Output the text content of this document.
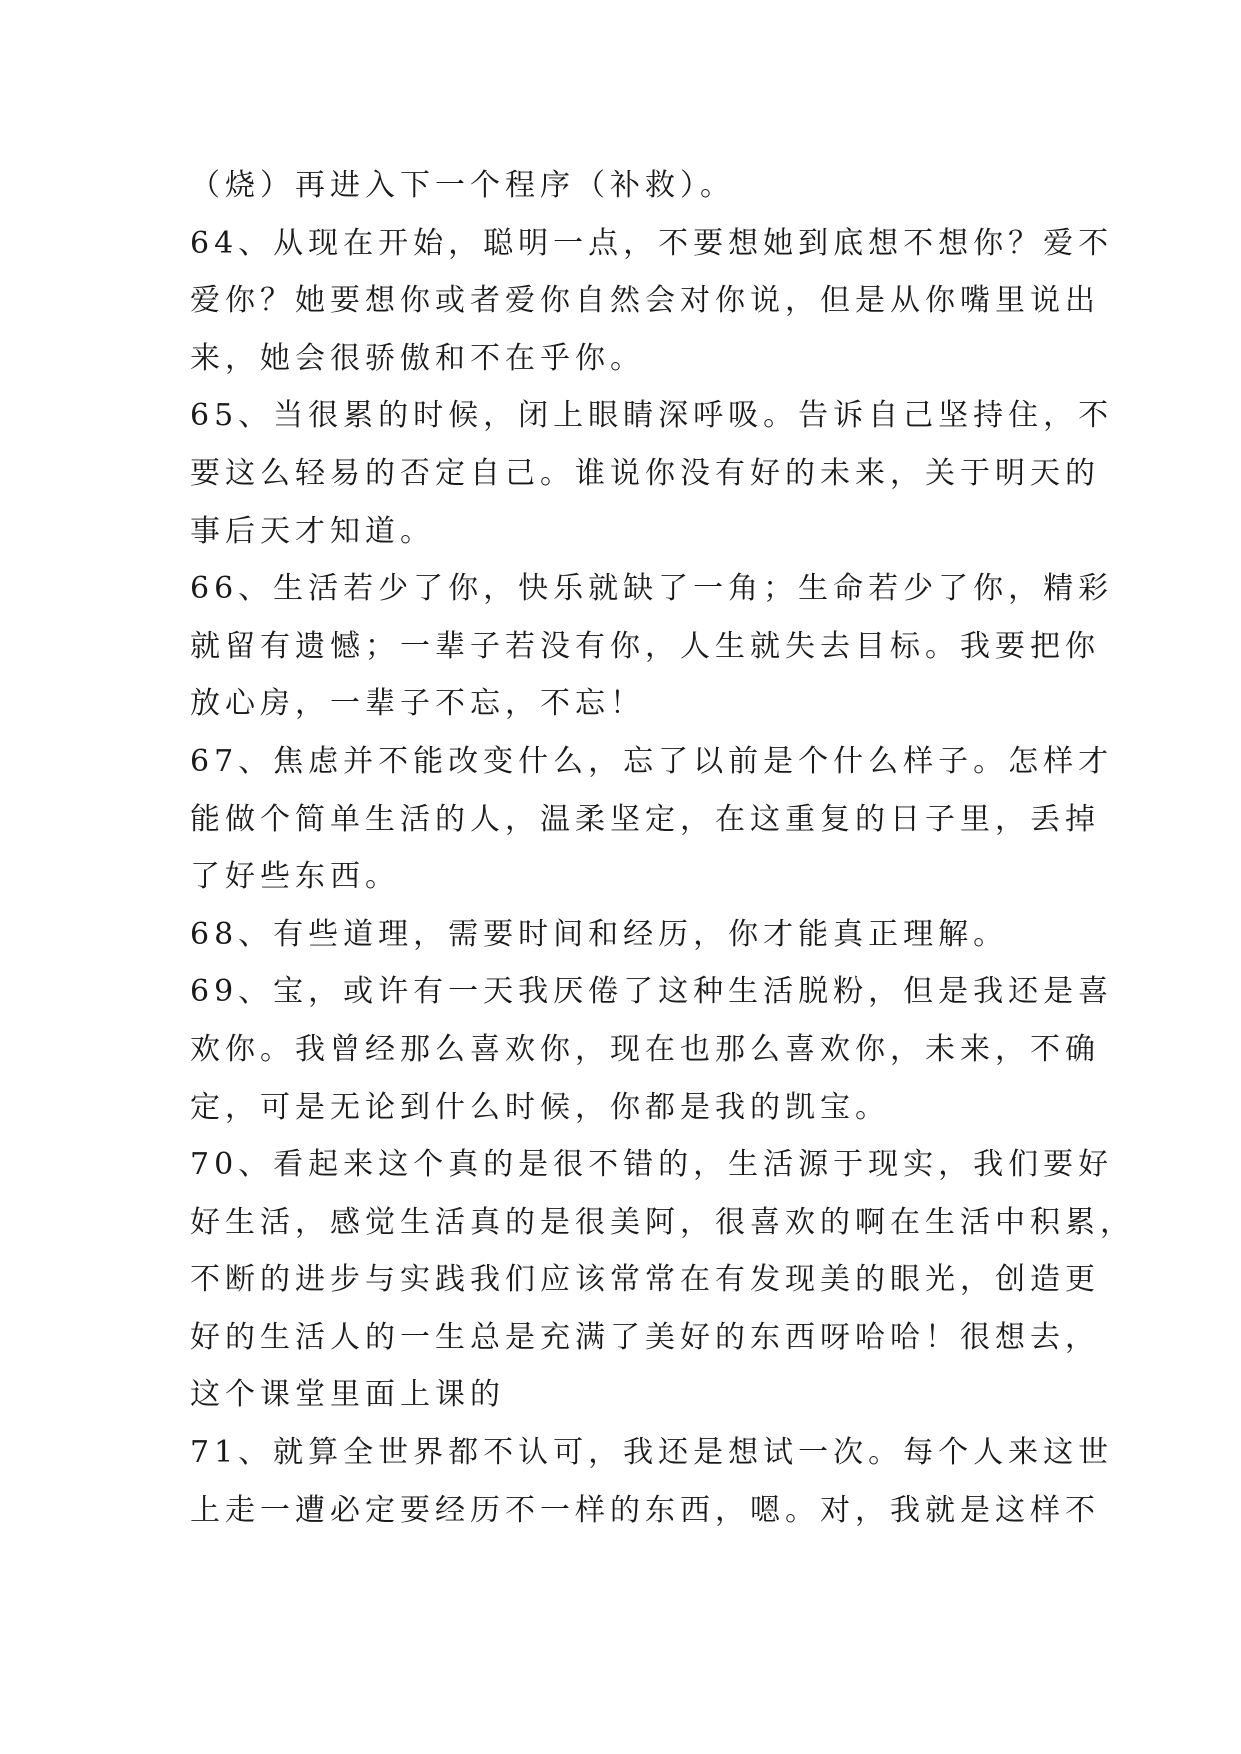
（烧）再进入下一个程序（补救）。
64、从现在开始，聪明一点，不要想她到底想不想你？爱不
爱你？她要想你或者爱你自然会对你说，但是从你嘴里说出
来，她会很骄傲和不在乎你。
65、当很累的时候，闭上眼睛深呼吸。告诉自己坚持住，不
要这么轻易的否定自己。谁说你没有好的未来，关于明天的
事后天才知道。
66、生活若少了你，快乐就缺了一角；生命若少了你，精彩
就留有遗憾；一辈子若没有你，人生就失去目标。我要把你
放心房，一辈子不忘，不忘！
67、焦虑并不能改变什么，忘了以前是个什么样子。怎样才
能做个简单生活的人，温柔坚定，在这重复的日子里，丢掉
了好些东西。
68、有些道理，需要时间和经历，你才能真正理解。
69、宝，或许有一天我厌倦了这种生活脱粉，但是我还是喜
欢你。我曾经那么喜欢你，现在也那么喜欢你，未来，不确
定，可是无论到什么时候，你都是我的凯宝。
70、看起来这个真的是很不错的，生活源于现实，我们要好
好生活，感觉生活真的是很美阿，很喜欢的啊在生活中积累，
不断的进步与实践我们应该常常在有发现美的眼光，创造更
好的生活人的一生总是充满了美好的东西呀哈哈！很想去，
这个课堂里面上课的
71、就算全世界都不认可，我还是想试一次。每个人来这世
上走一遭必定要经历不一样的东西，嗯。对，我就是这样不
